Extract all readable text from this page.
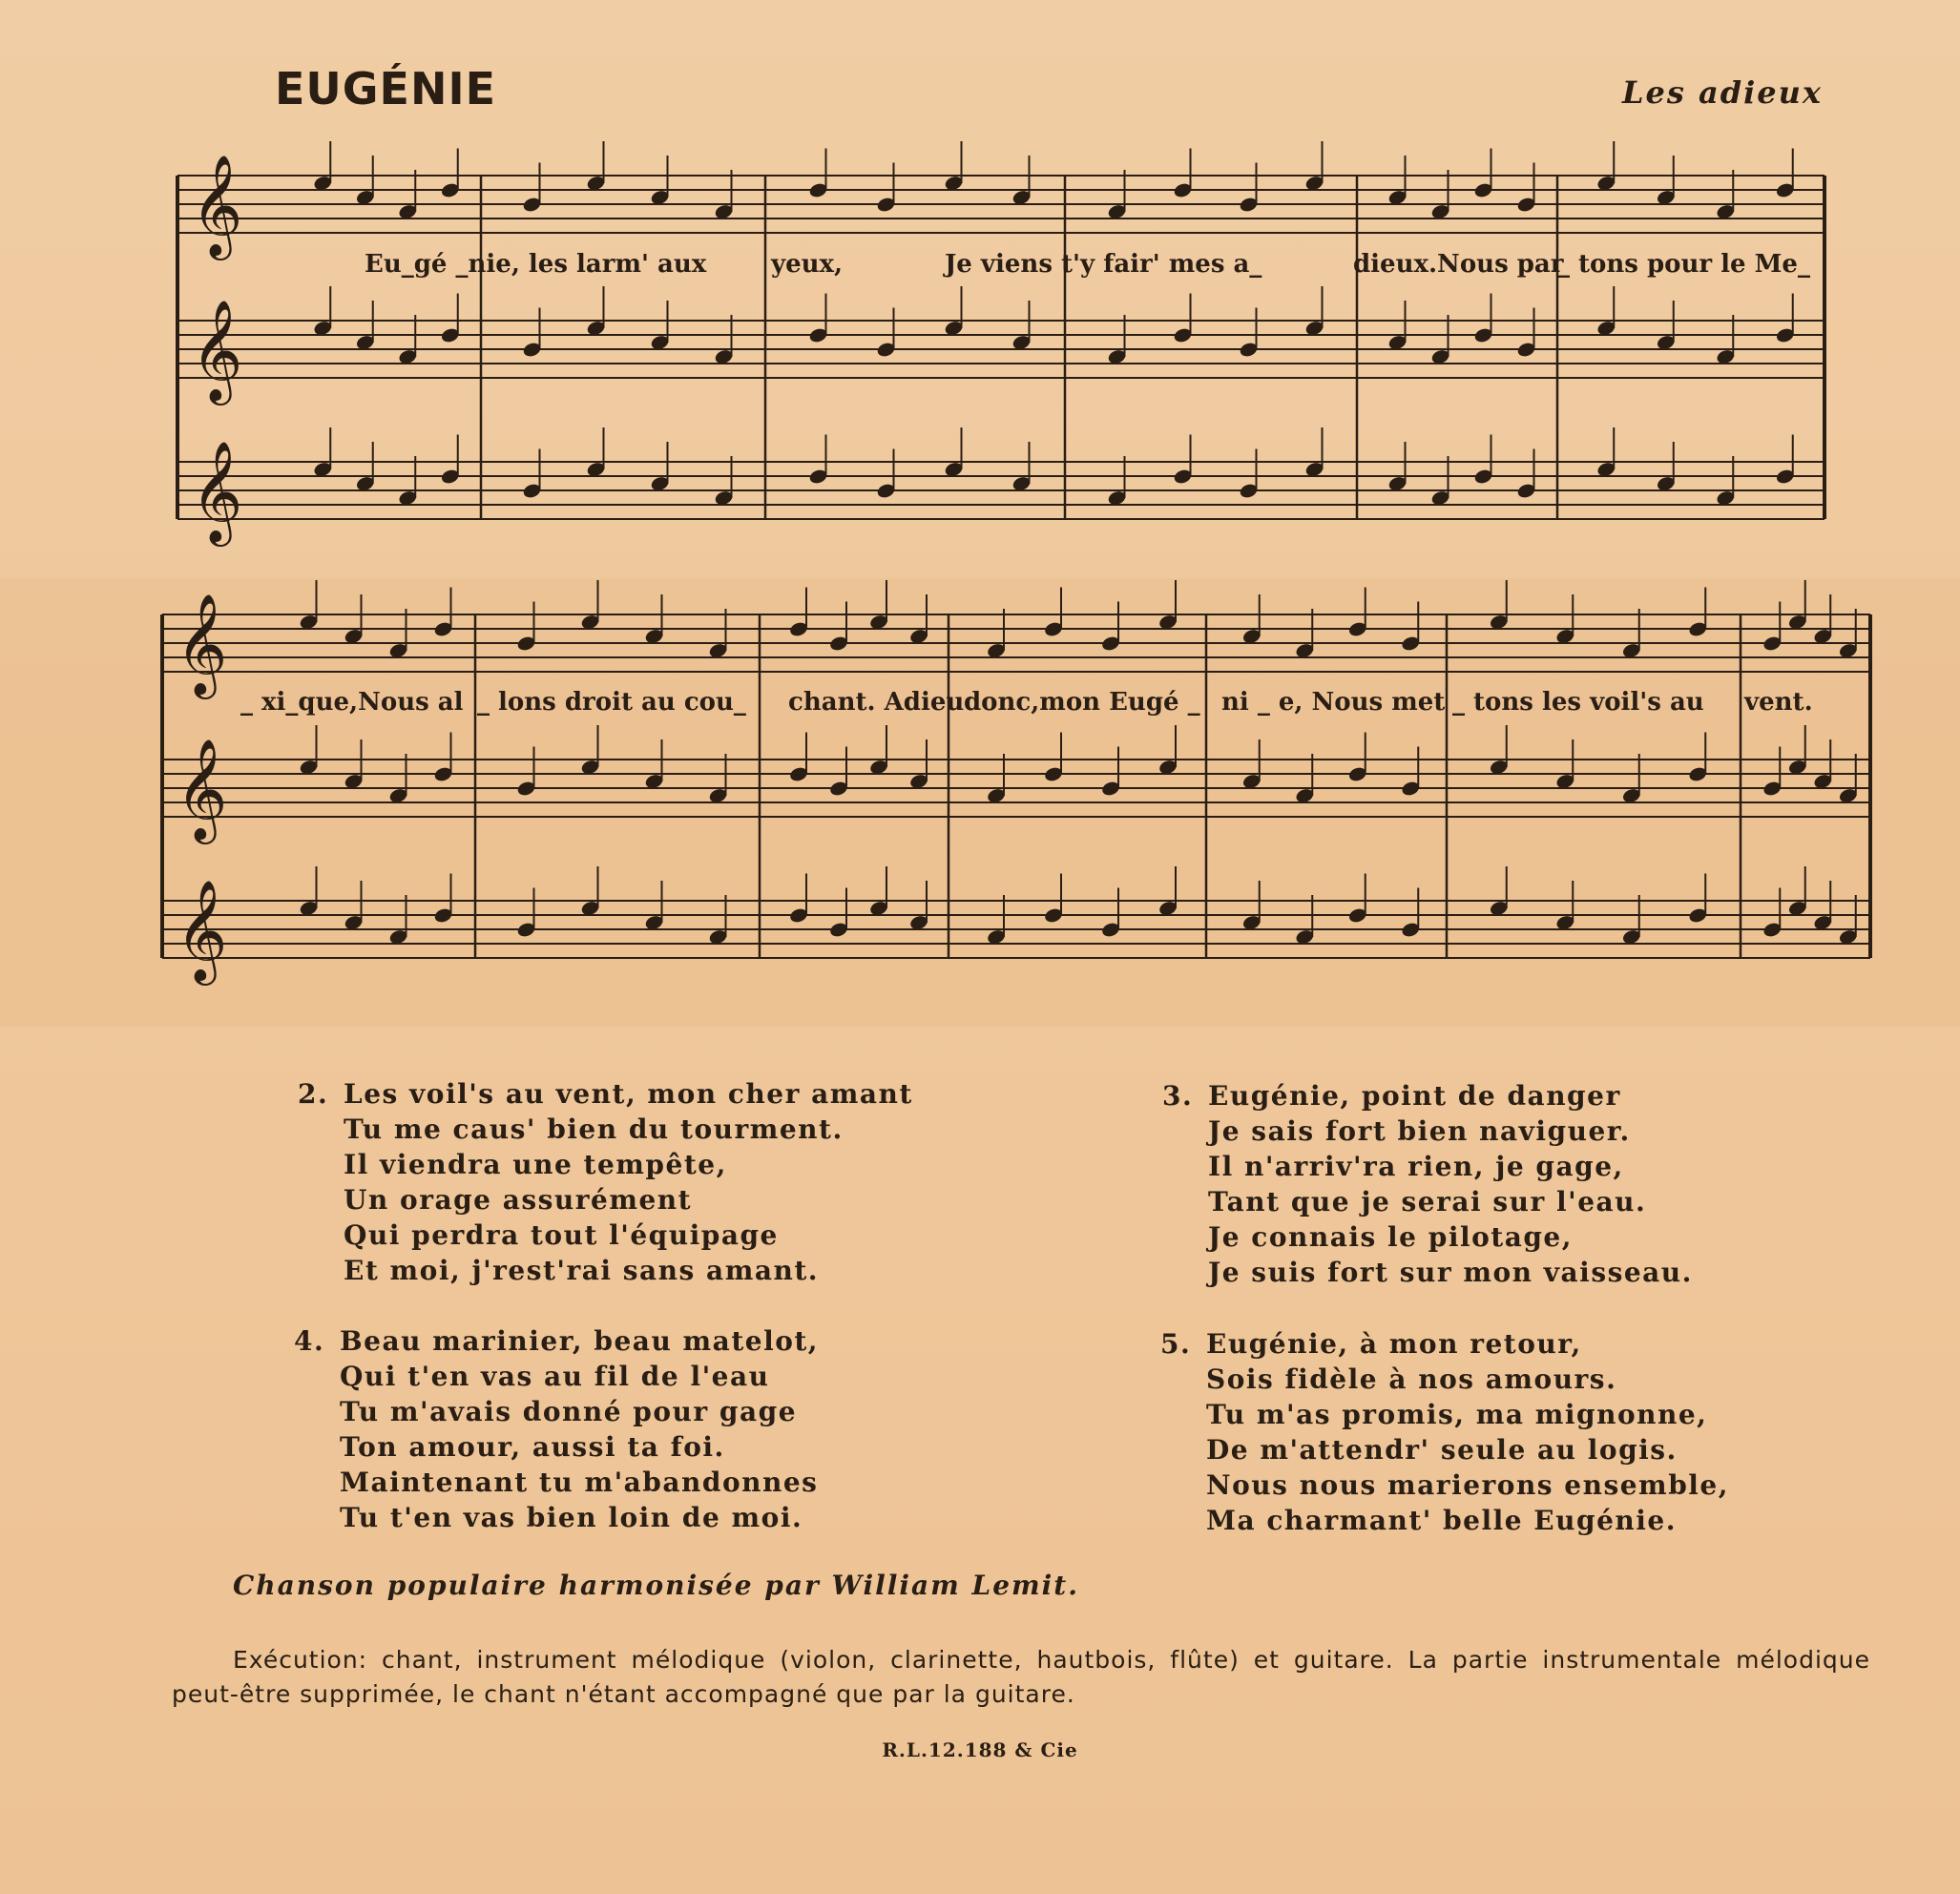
EUGÉNIE	Les adieux
𝄞
𝄞
𝄞
𝄞
𝄞
𝄞
Eu_gé _nie, les larm' aux	yeux,	Je viens t'y fair' mes a_	dieux.Nous par
_ tons pour le Me_
_ xi_que,Nous al _ lons droit au cou_ chant. Adieu donc,mon Eugé _ ni _ e, Nous met _ tons les voil's au vent.
2. Les voil's au vent, mon cher amant
Tu me caus' bien du tourment.
Il viendra une tempête,
Un orage assurément
Qui perdra tout l'équipage
Et moi, j'rest'rai sans amant.
3. Eugénie, point de danger
Je sais fort bien naviguer.
Il n'arriv'ra rien, je gage,
Tant que je serai sur l'eau.
Je connais le pilotage,
Je suis fort sur mon vaisseau.
4. Beau marinier, beau matelot,
Qui t'en vas au fil de l'eau
Tu m'avais donné pour gage
Ton amour, aussi ta foi.
Maintenant tu m'abandonnes
Tu t'en vas bien loin de moi.
5. Eugénie, à mon retour,
Sois fidèle à nos amours.
Tu m'as promis, ma mignonne,
De m'attendr' seule au logis.
Nous nous marierons ensemble,
Ma charmant' belle Eugénie.
Chanson populaire harmonisée par William Lemit.
Exécution: chant, instrument mélodique (violon, clarinette, hautbois, flûte) et guitare. La partie instrumentale mélodique peut-être supprimée, le chant n'étant accompagné que par la guitare.
R.L.12.188 & Cie
